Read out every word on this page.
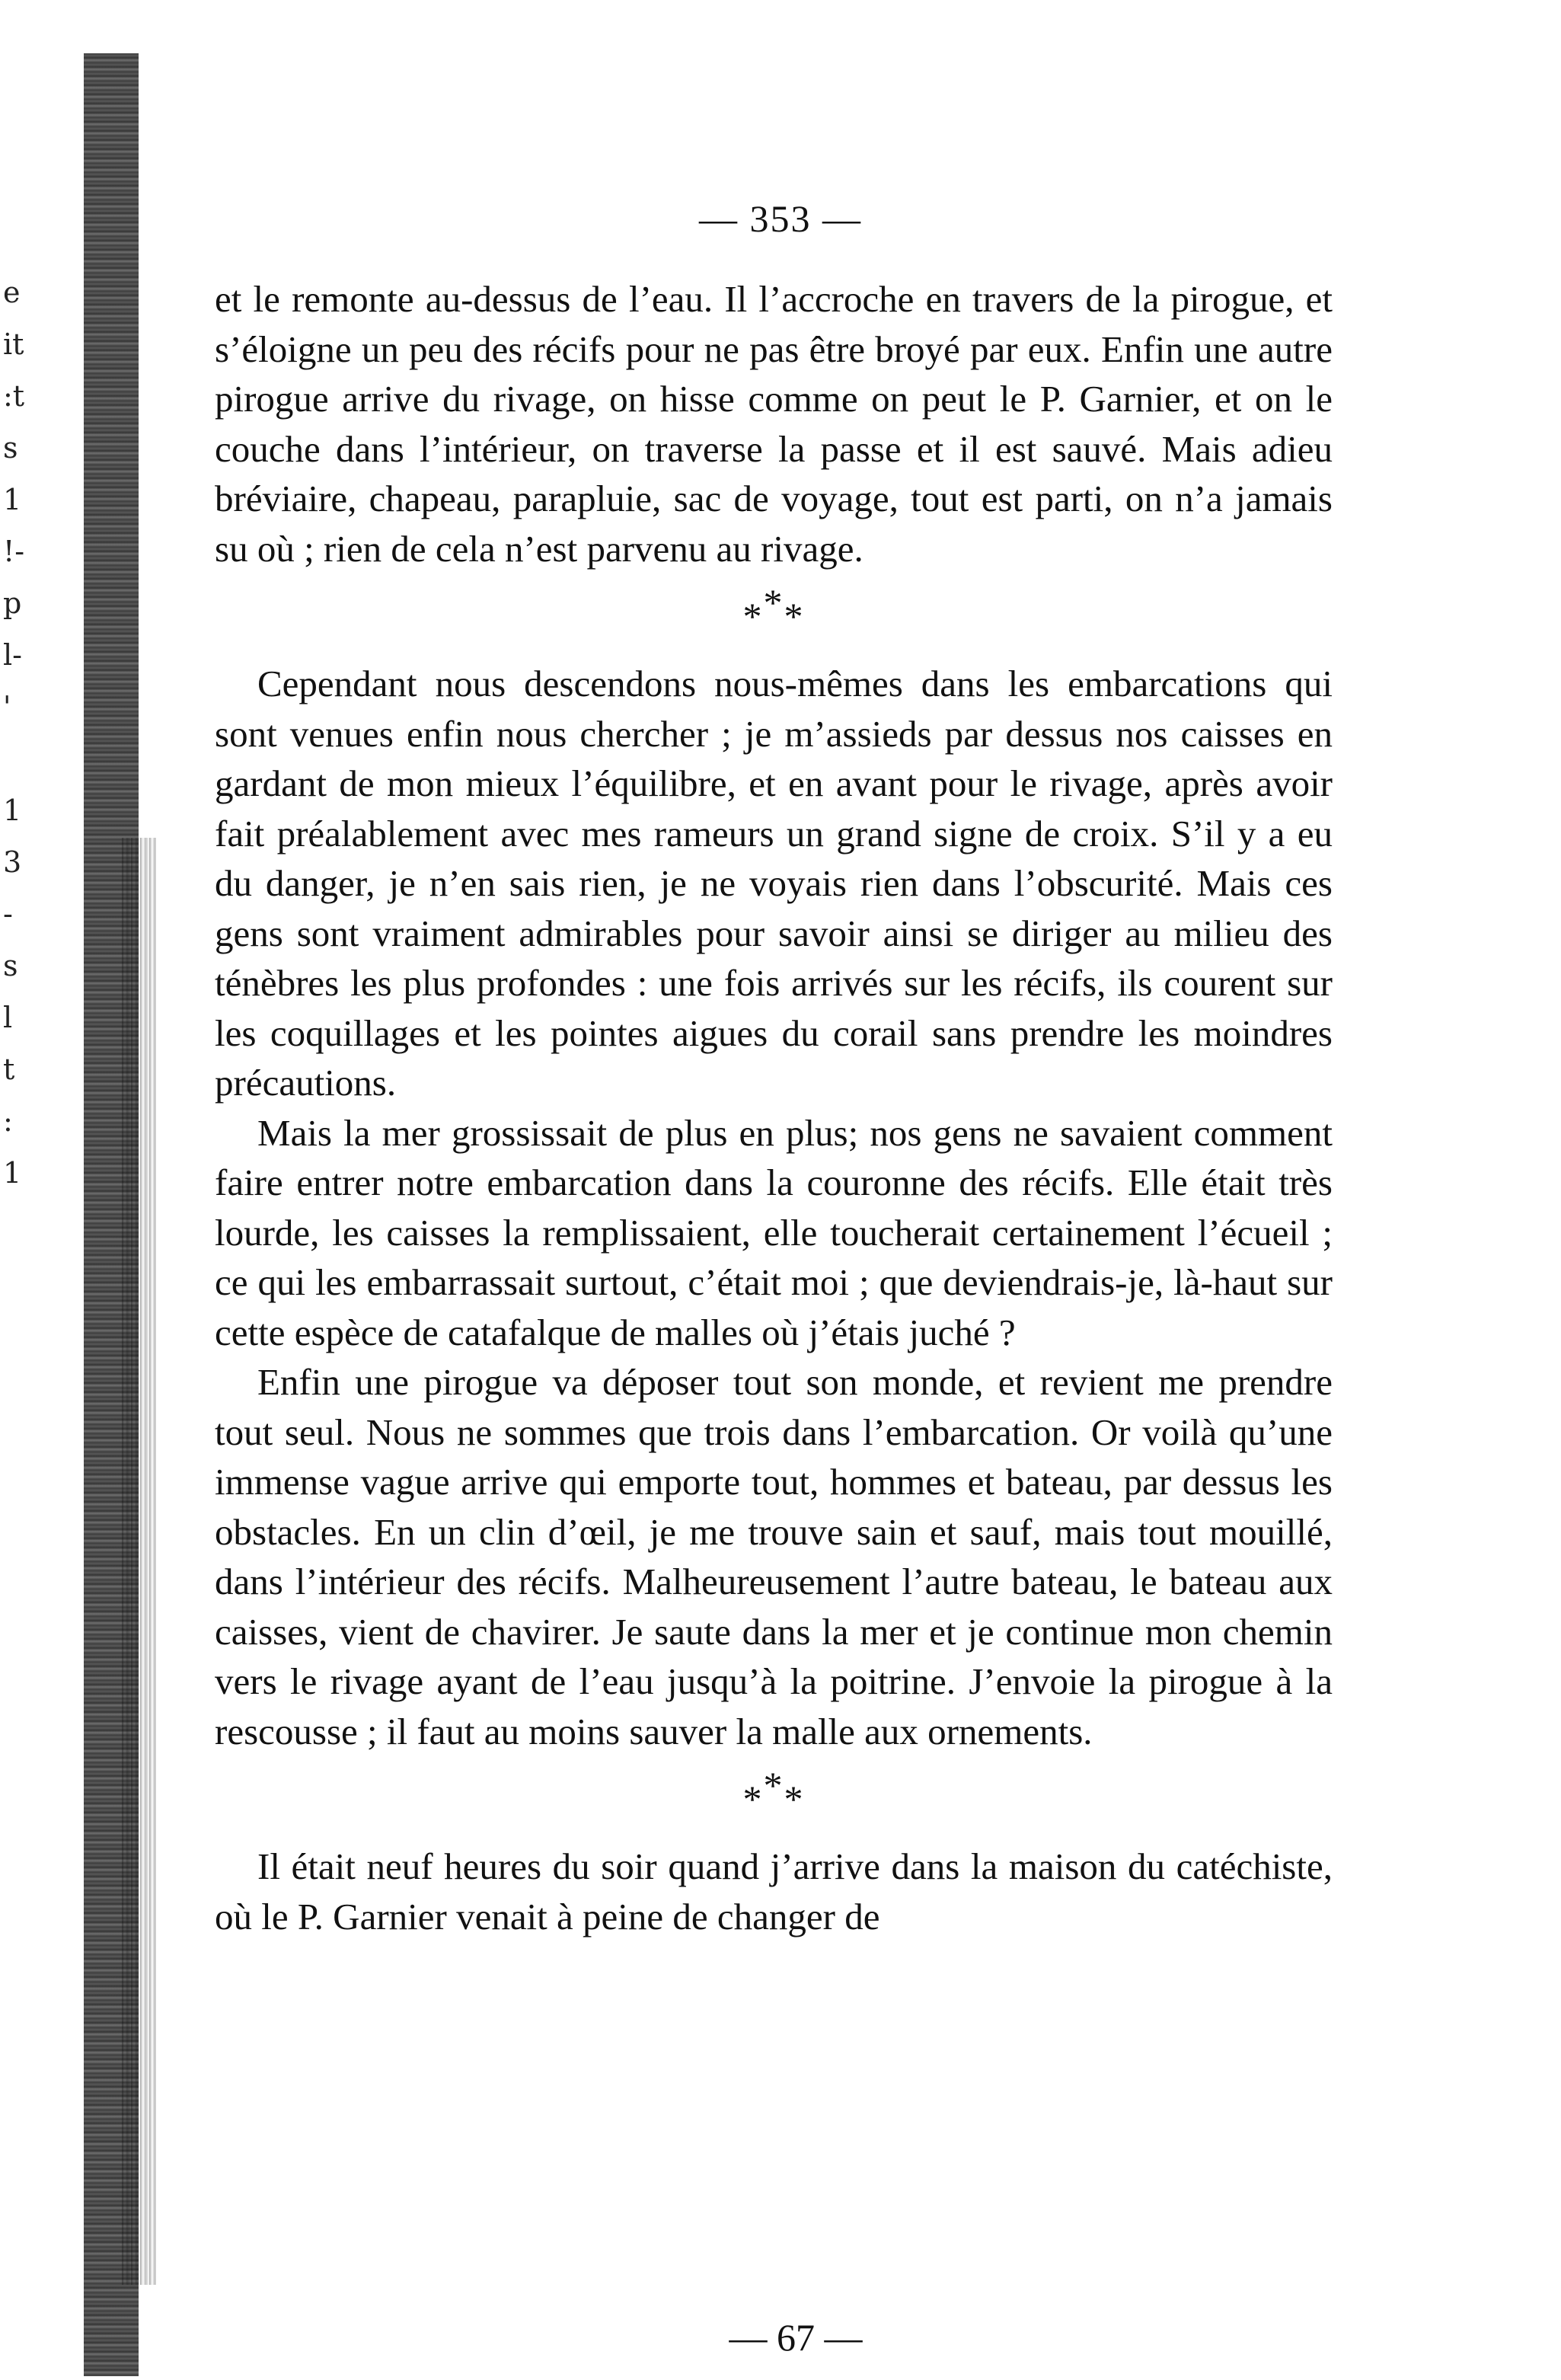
e
it
:t
s
1
!-
p
l-
'
1
3
-
s
l
t
:
1
— 353 —

et le remonte au-dessus de l’eau. Il l’accroche en travers de la pirogue, et s’éloigne un peu des récifs pour ne pas être broyé par eux. Enfin une autre pirogue arrive du rivage, on hisse comme on peut le P. Garnier, et on le couche dans l’intérieur, on traverse la passe et il est sauvé. Mais adieu bréviaire, chapeau, parapluie, sac de voyage, tout est parti, on n’a jamais su où ; rien de cela n’est parvenu au rivage.

***

Cependant nous descendons nous-mêmes dans les embarcations qui sont venues enfin nous chercher ; je m’assieds par dessus nos caisses en gardant de mon mieux l’équilibre, et en avant pour le rivage, après avoir fait préalablement avec mes rameurs un grand signe de croix. S’il y a eu du danger, je n’en sais rien, je ne voyais rien dans l’obscurité. Mais ces gens sont vraiment admirables pour savoir ainsi se diriger au milieu des ténèbres les plus profondes : une fois arrivés sur les récifs, ils courent sur les coquillages et les pointes aigues du corail sans prendre les moindres précautions.

Mais la mer grossissait de plus en plus; nos gens ne savaient comment faire entrer notre embarcation dans la couronne des récifs. Elle était très lourde, les caisses la remplissaient, elle toucherait certainement l’écueil ; ce qui les embarrassait surtout, c’était moi ; que deviendrais-je, là-haut sur cette espèce de catafalque de malles où j’étais juché ?

Enfin une pirogue va déposer tout son monde, et revient me prendre tout seul. Nous ne sommes que trois dans l’embarcation. Or voilà qu’une immense vague arrive qui emporte tout, hommes et bateau, par dessus les obstacles. En un clin d’œil, je me trouve sain et sauf, mais tout mouillé, dans l’intérieur des récifs. Malheureusement l’autre bateau, le bateau aux caisses, vient de chavirer. Je saute dans la mer et je continue mon chemin vers le rivage ayant de l’eau jusqu’à la poitrine. J’envoie la pirogue à la rescousse ; il faut au moins sauver la malle aux ornements.

***

Il était neuf heures du soir quand j’arrive dans la maison du catéchiste, où le P. Garnier venait à peine de changer de

— 67 —
